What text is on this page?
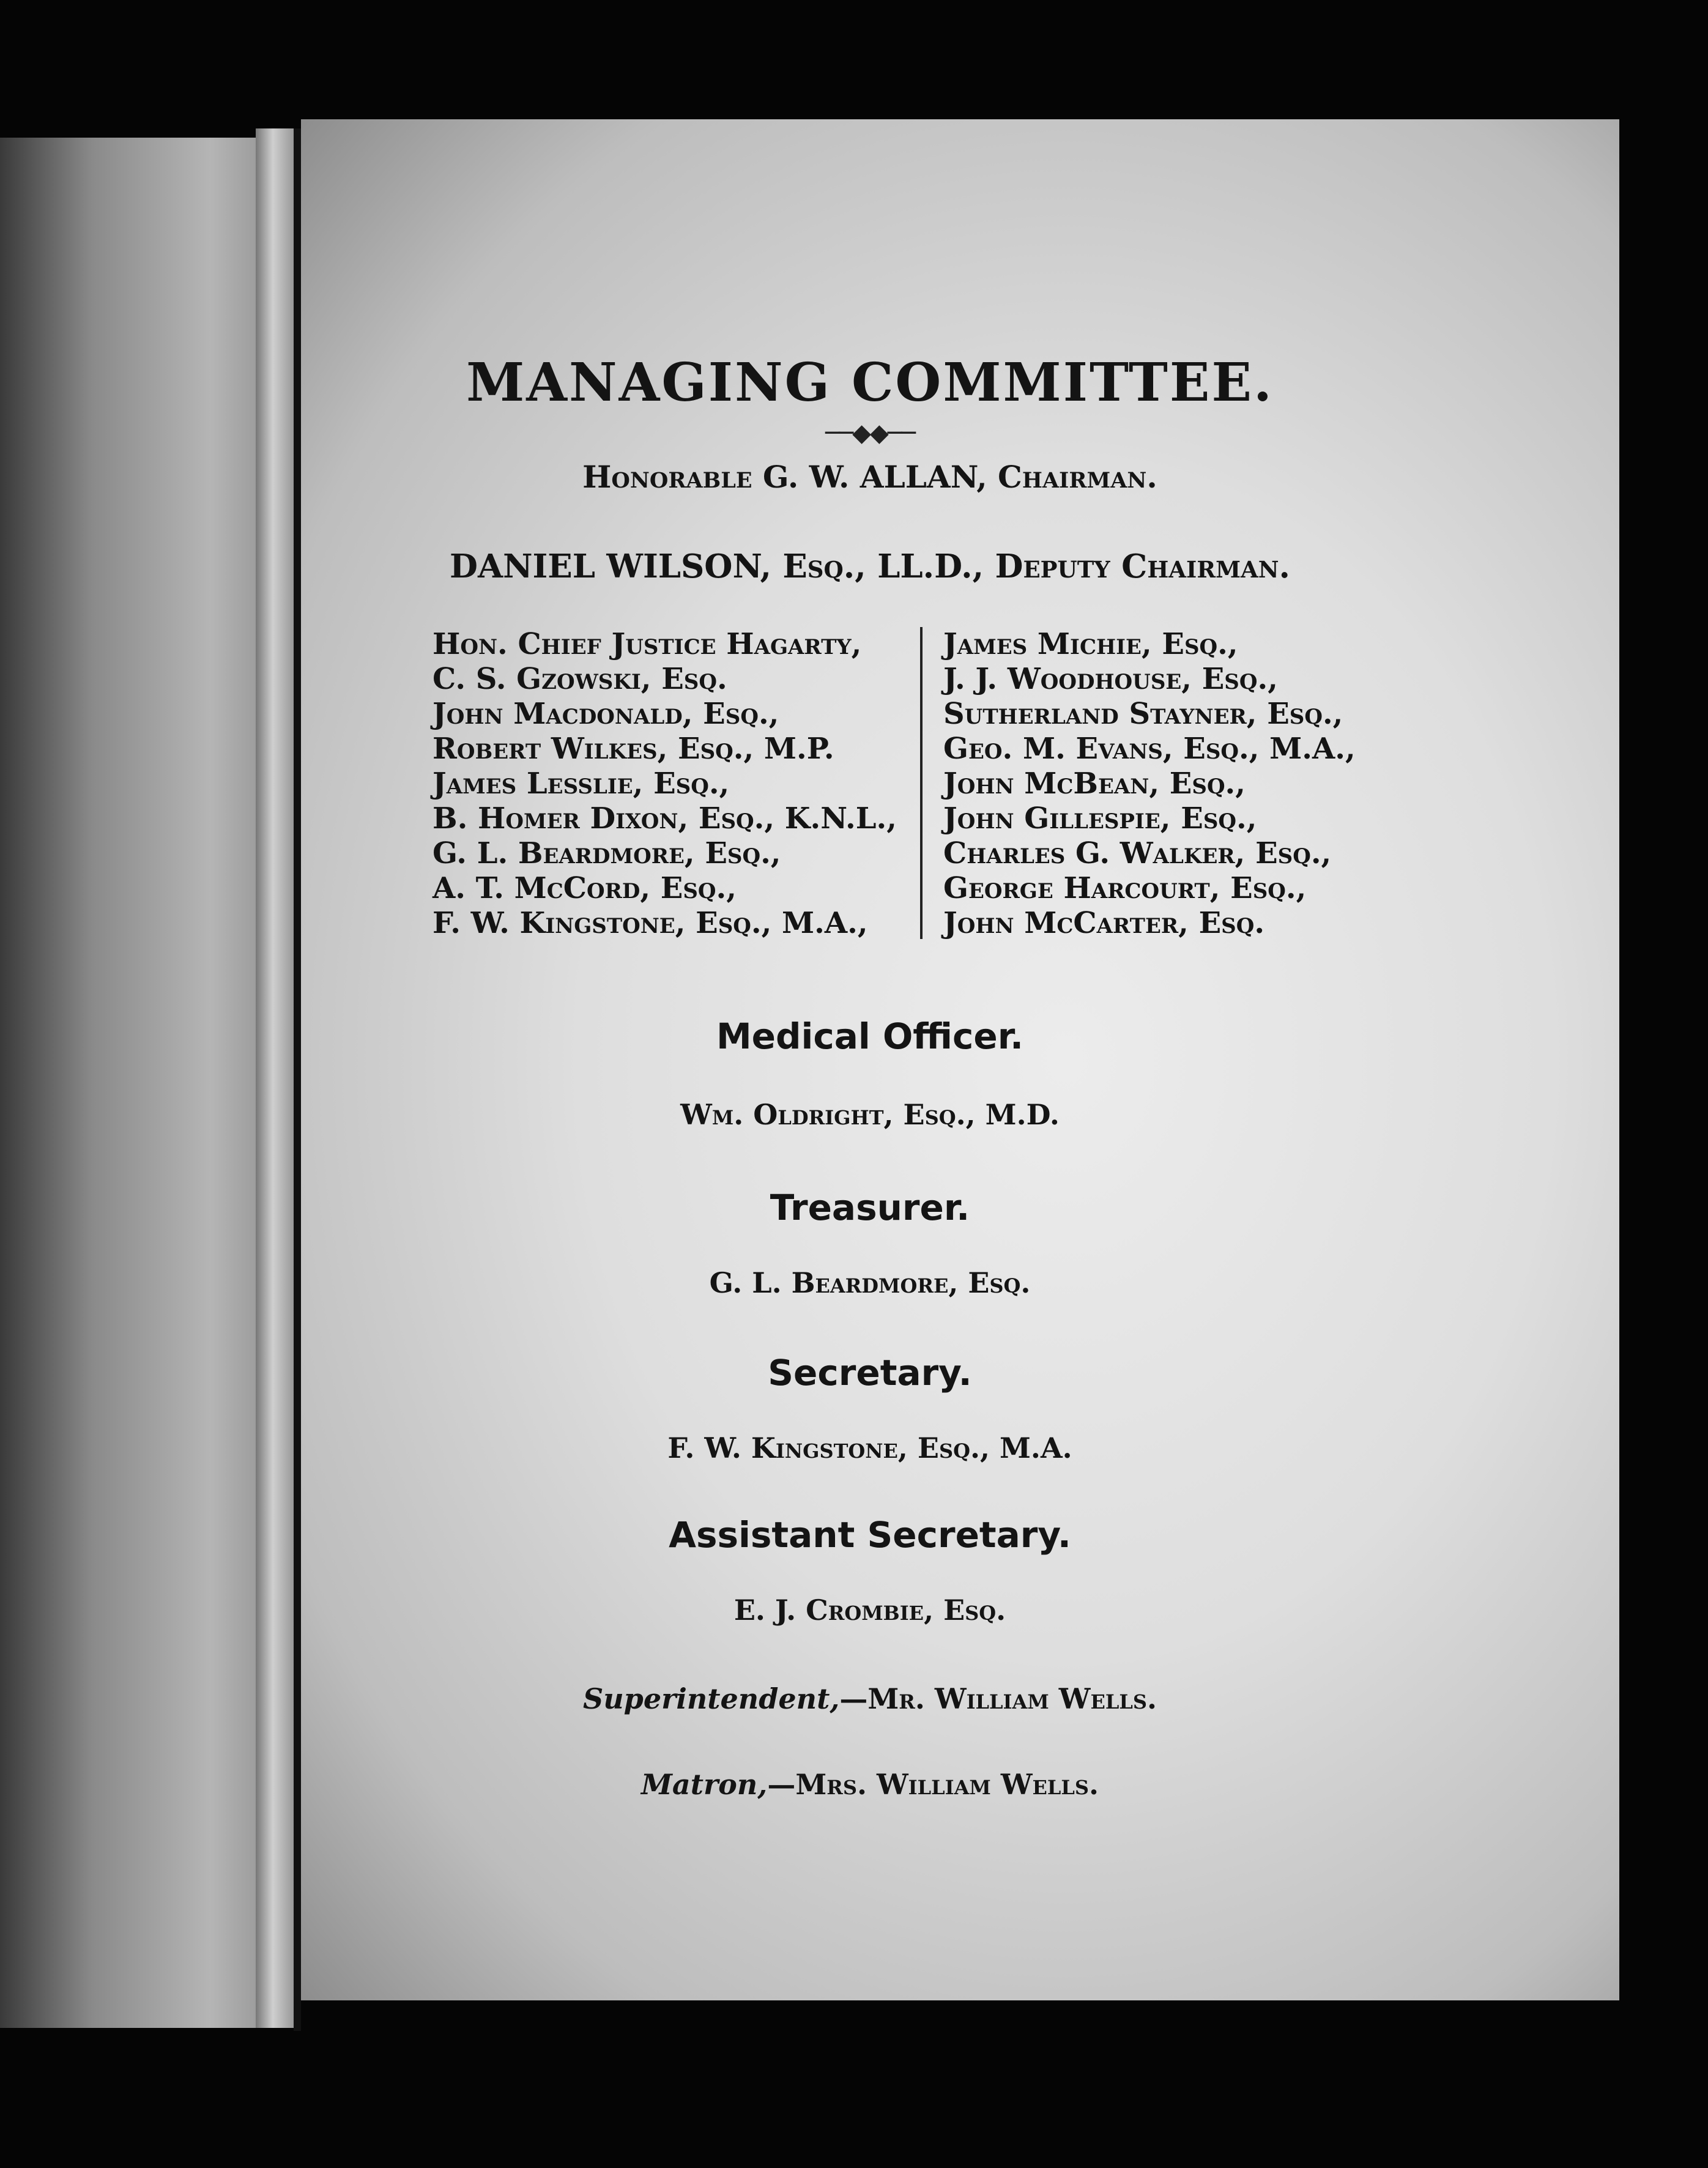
MANAGING COMMITTEE.
──◆◆──
Honorable G. W. ALLAN, Chairman.
DANIEL WILSON, Esq., LL.D., Deputy Chairman.
Hon. Chief Justice Hagarty,
C. S. Gzowski, Esq.
John Macdonald, Esq.,
Robert Wilkes, Esq., M.P.
James Lesslie, Esq.,
B. Homer Dixon, Esq., K.N.L.,
G. L. Beardmore, Esq.,
A. T. McCord, Esq.,
F. W. Kingstone, Esq., M.A.,
James Michie, Esq.,
J. J. Woodhouse, Esq.,
Sutherland Stayner, Esq.,
Geo. M. Evans, Esq., M.A.,
John McBean, Esq.,
John Gillespie, Esq.,
Charles G. Walker, Esq.,
George Harcourt, Esq.,
John McCarter, Esq.
Medical Officer.
Wm. Oldright, Esq., M.D.
Treasurer.
G. L. Beardmore, Esq.
Secretary.
F. W. Kingstone, Esq., M.A.
Assistant Secretary.
E. J. Crombie, Esq.
Superintendent,—Mr. William Wells.
Matron,—Mrs. William Wells.
